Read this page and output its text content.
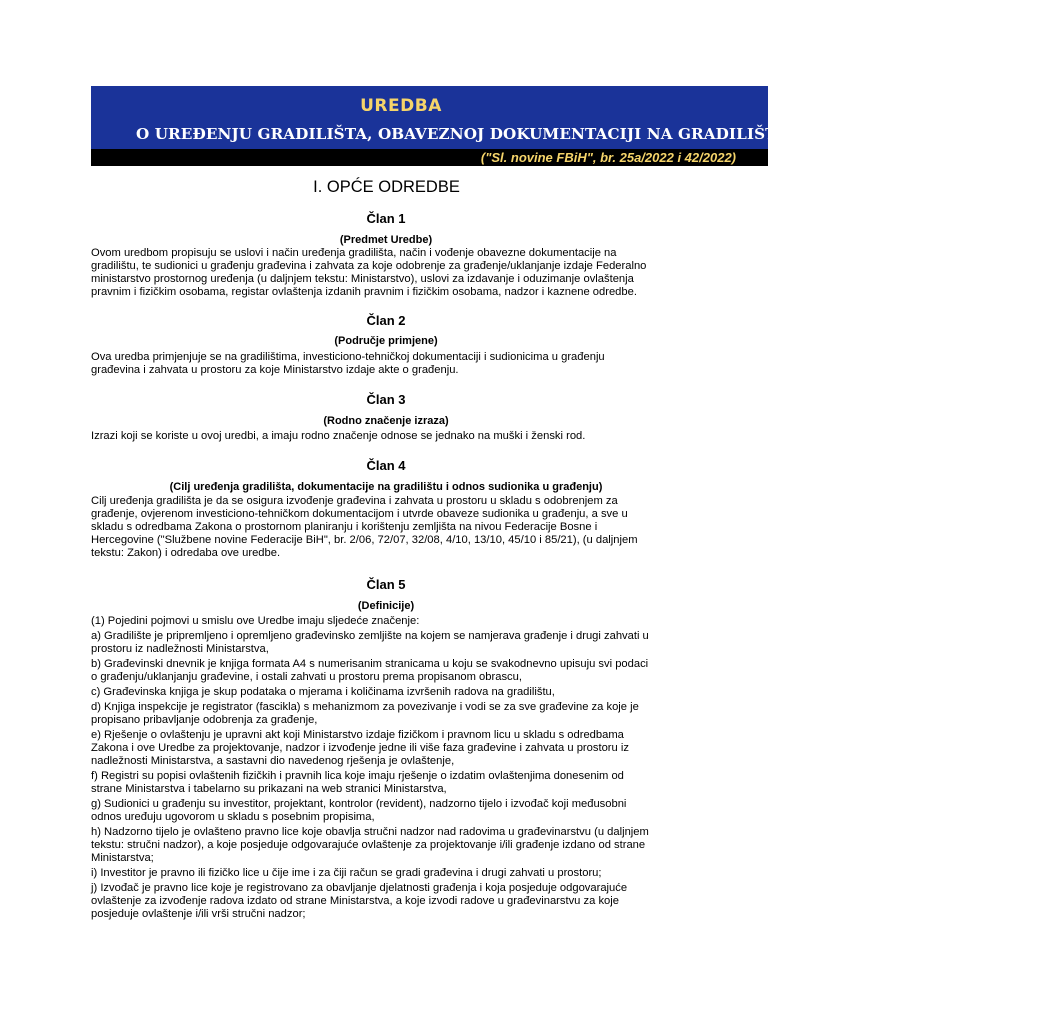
UREDBA
O UREĐENJU GRADILIŠTA, OBAVEZNOJ DOKUMENTACIJI NA GRADILIŠTU I SUDIONICIMA U GRAĐENJU
("Sl. novine FBiH", br. 25a/2022 i 42/2022)
I. OPĆE ODREDBE
Član 1
(Predmet Uredbe)
Ovom uredbom propisuju se uslovi i način uređenja gradilišta, način i vođenje obavezne dokumentacije na
gradilištu, te sudionici u građenju građevina i zahvata za koje odobrenje za građenje/uklanjanje izdaje Federalno
ministarstvo prostornog uređenja (u daljnjem tekstu: Ministarstvo), uslovi za izdavanje i oduzimanje ovlaštenja
pravnim i fizičkim osobama, registar ovlaštenja izdanih pravnim i fizičkim osobama, nadzor i kaznene odredbe.
Član 2
(Područje primjene)
Ova uredba primjenjuje se na gradilištima, investiciono-tehničkoj dokumentaciji i sudionicima u građenju
građevina i zahvata u prostoru za koje Ministarstvo izdaje akte o građenju.
Član 3
(Rodno značenje izraza)
Izrazi koji se koriste u ovoj uredbi, a imaju rodno značenje odnose se jednako na muški i ženski rod.
Član 4
(Cilj uređenja gradilišta, dokumentacije na gradilištu i odnos sudionika u građenju)
Cilj uređenja gradilišta je da se osigura izvođenje građevina i zahvata u prostoru u skladu s odobrenjem za
građenje, ovjerenom investiciono-tehničkom dokumentacijom i utvrde obaveze sudionika u građenju, a sve u
skladu s odredbama Zakona o prostornom planiranju i korištenju zemljišta na nivou Federacije Bosne i
Hercegovine ("Službene novine Federacije BiH", br. 2/06, 72/07, 32/08, 4/10, 13/10, 45/10 i 85/21), (u daljnjem
tekstu: Zakon) i odredaba ove uredbe.
Član 5
(Definicije)
(1) Pojedini pojmovi u smislu ove Uredbe imaju sljedeće značenje:
a) Gradilište je pripremljeno i opremljeno građevinsko zemljište na kojem se namjerava građenje i drugi zahvati u
prostoru iz nadležnosti Ministarstva,
b) Građevinski dnevnik je knjiga formata A4 s numerisanim stranicama u koju se svakodnevno upisuju svi podaci
o građenju/uklanjanju građevine, i ostali zahvati u prostoru prema propisanom obrascu,
c) Građevinska knjiga je skup podataka o mjerama i količinama izvršenih radova na gradilištu,
d) Knjiga inspekcije je registrator (fascikla) s mehanizmom za povezivanje i vodi se za sve građevine za koje je
propisano pribavljanje odobrenja za građenje,
e) Rješenje o ovlaštenju je upravni akt koji Ministarstvo izdaje fizičkom i pravnom licu u skladu s odredbama
Zakona i ove Uredbe za projektovanje, nadzor i izvođenje jedne ili više faza građevine i zahvata u prostoru iz
nadležnosti Ministarstva, a sastavni dio navedenog rješenja je ovlaštenje,
f) Registri su popisi ovlaštenih fizičkih i pravnih lica koje imaju rješenje o izdatim ovlaštenjima donesenim od
strane Ministarstva i tabelarno su prikazani na web stranici Ministarstva,
g) Sudionici u građenju su investitor, projektant, kontrolor (revident), nadzorno tijelo i izvođač koji međusobni
odnos uređuju ugovorom u skladu s posebnim propisima,
h) Nadzorno tijelo je ovlašteno pravno lice koje obavlja stručni nadzor nad radovima u građevinarstvu (u daljnjem
tekstu: stručni nadzor), a koje posjeduje odgovarajuće ovlaštenje za projektovanje i/ili građenje izdano od strane
Ministarstva;
i) Investitor je pravno ili fizičko lice u čije ime i za čiji račun se gradi građevina i drugi zahvati u prostoru;
j) Izvođač je pravno lice koje je registrovano za obavljanje djelatnosti građenja i koja posjeduje odgovarajuće
ovlaštenje za izvođenje radova izdato od strane Ministarstva, a koje izvodi radove u građevinarstvu za koje
posjeduje ovlaštenje i/ili vrši stručni nadzor;
